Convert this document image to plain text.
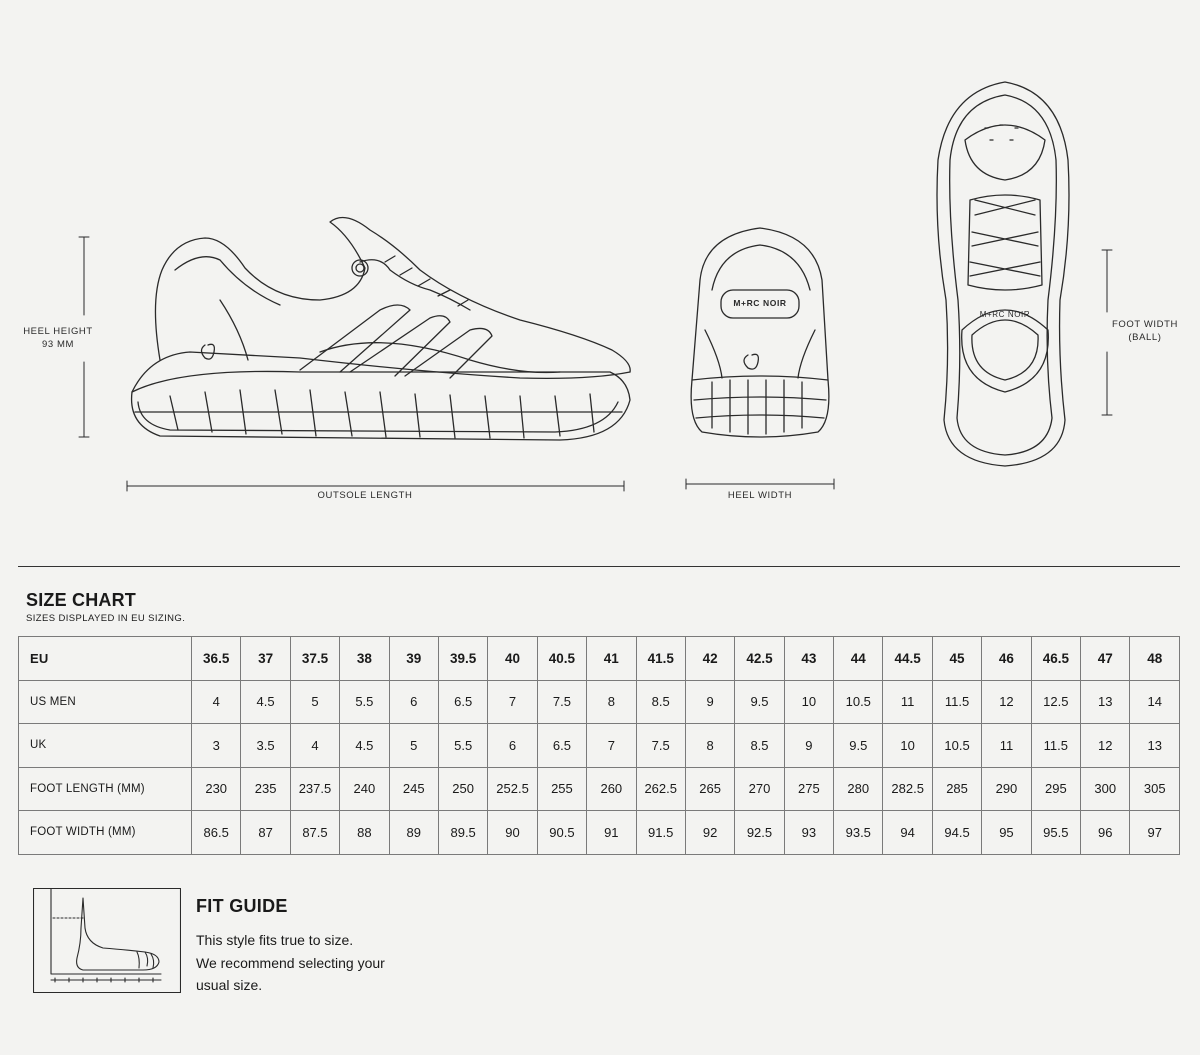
HEEL HEIGHT
93 MM
OUTSOLE LENGTH	HEEL WIDTH
FOOT WIDTH
(BALL)
M+RC NOIR
M+RC NOIR
SIZE CHART
SIZES DISPLAYED IN EU SIZING.
EU	36.5	37	37.5	38	39	39.5	40	40.5	41	41.5	42	42.5	43	44	44.5	45	46	46.5	47	48
US MEN	4	4.5	5	5.5	6	6.5	7	7.5	8	8.5	9	9.5	10	10.5	11	11.5	12	12.5	13	14
UK	3	3.5	4	4.5	5	5.5	6	6.5	7	7.5	8	8.5	9	9.5	10	10.5	11	11.5	12	13
FOOT LENGTH (MM)	230	235	237.5	240	245	250	252.5	255	260	262.5	265	270	275	280	282.5	285	290	295	300	305
FOOT WIDTH (MM)	86.5	87	87.5	88	89	89.5	90	90.5	91	91.5	92	92.5	93	93.5	94	94.5	95	95.5	96	97
FIT GUIDE
This style fits true to size.
We recommend selecting your
usual size.
